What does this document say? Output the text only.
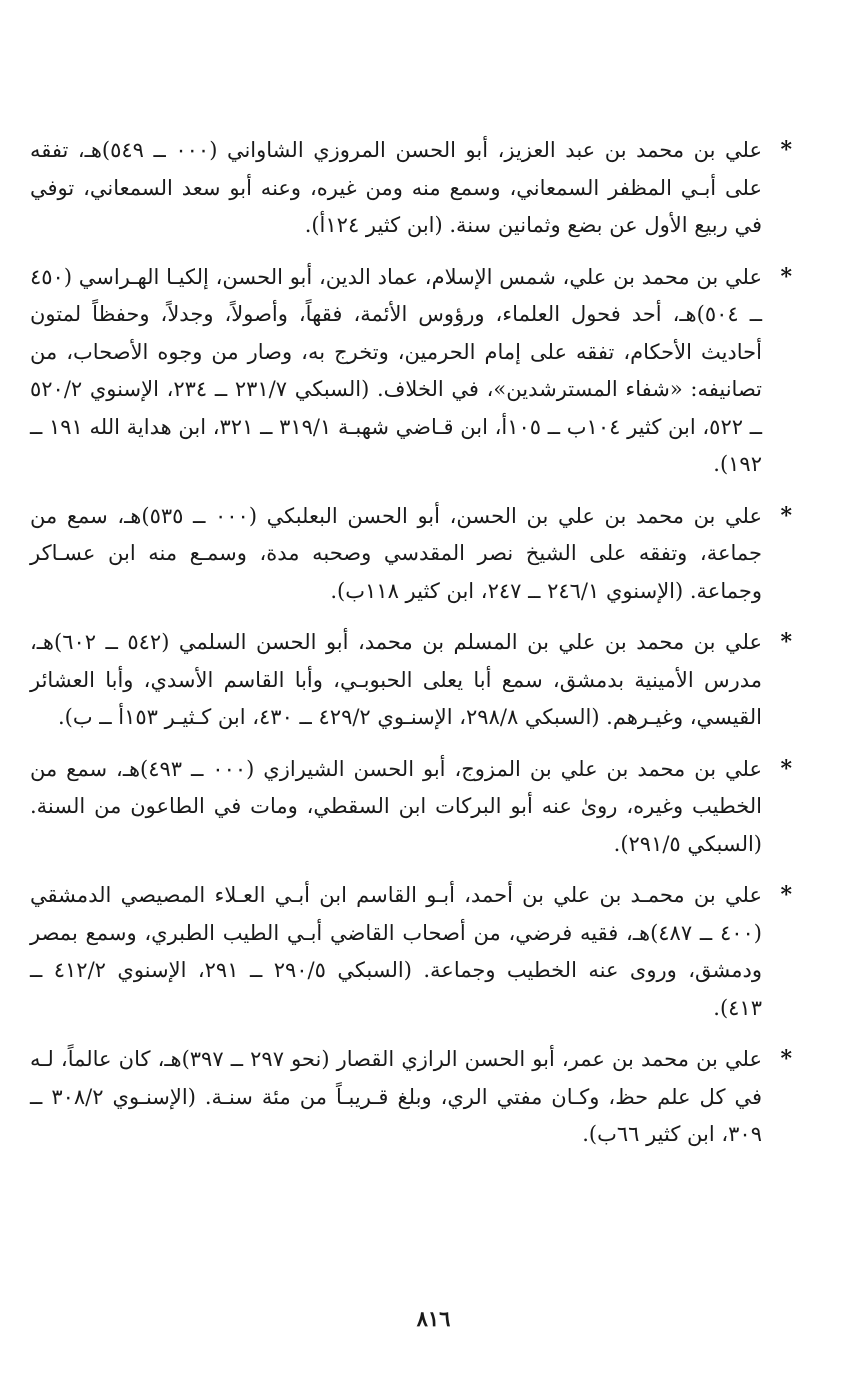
*
علي بن محمد بن عبد العزيز، أبو الحسن المروزي الشاواني (٠٠٠ ــ ٥٤٩)هـ، تفقه على أبـي المظفر السمعاني، وسمع منه ومن غيره، وعنه أبو سعد السمعاني، توفي في ربيع الأول عن بضع وثمانين سنة. (ابن كثير ١٢٤أ).
*
علي بن محمد بن علي، شمس الإسلام، عماد الدين، أبو الحسن، إلكيـا الهـراسي (٤٥٠ ــ ٥٠٤)هـ، أحد فحول العلماء، ورؤوس الأئمة، فقهاً، وأصولاً، وجدلاً، وحفظاً لمتون أحاديث الأحكام، تفقه على إمام الحرمين، وتخرج به، وصار من وجوه الأصحاب، من تصانيفه: «شفاء المسترشدين»، في الخلاف. (السبكي ٢٣١/٧ ــ ٢٣٤، الإسنوي ٥٢٠/٢ ــ ٥٢٢، ابن كثير ١٠٤ب ــ ١٠٥أ، ابن قـاضي شهبـة ٣١٩/١ ــ ٣٢١، ابن هداية الله ١٩١ ــ ١٩٢).
*
علي بن محمد بن علي بن الحسن، أبو الحسن البعلبكي (٠٠٠ ــ ٥٣٥)هـ، سمع من جماعة، وتفقه على الشيخ نصر المقدسي وصحبه مدة، وسمـع منه ابن عسـاكر وجماعة. (الإسنوي ٢٤٦/١ ــ ٢٤٧، ابن كثير ١١٨ب).
*
علي بن محمد بن علي بن المسلم بن محمد، أبو الحسن السلمي (٥٤٢ ــ ٦٠٢)هـ، مدرس الأمينية بدمشق، سمع أبا يعلى الحبوبـي، وأبا القاسم الأسدي، وأبا العشائر القيسي، وغيـرهم. (السبكي ٢٩٨/٨، الإسنـوي ٤٢٩/٢ ــ ٤٣٠، ابن كـثيـر ١٥٣أ ــ ب).
*
علي بن محمد بن علي بن المزوج، أبو الحسن الشيرازي (٠٠٠ ــ ٤٩٣)هـ، سمع من الخطيب وغيره، روىٰ عنه أبو البركات ابن السقطي، ومات في الطاعون من السنة. (السبكي ٢٩١/٥).
*
علي بن محمـد بن علي بن أحمد، أبـو القاسم ابن أبـي العـلاء المصيصي الدمشقي (٤٠٠ ــ ٤٨٧)هـ، فقيه فرضي، من أصحاب القاضي أبـي الطيب الطبري، وسمع بمصر ودمشق، وروى عنه الخطيب وجماعة. (السبكي ٢٩٠/٥ ــ ٢٩١، الإسنوي ٤١٢/٢ ــ ٤١٣).
*
علي بن محمد بن عمر، أبو الحسن الرازي القصار (نحو ٢٩٧ ــ ٣٩٧)هـ، كان عالماً، لـه في كل علم حظ، وكـان مفتي الري، وبلغ قـريبـاً من مئة سنـة. (الإسنـوي ٣٠٨/٢ ــ ٣٠٩، ابن كثير ٦٦ب).
٨١٦
